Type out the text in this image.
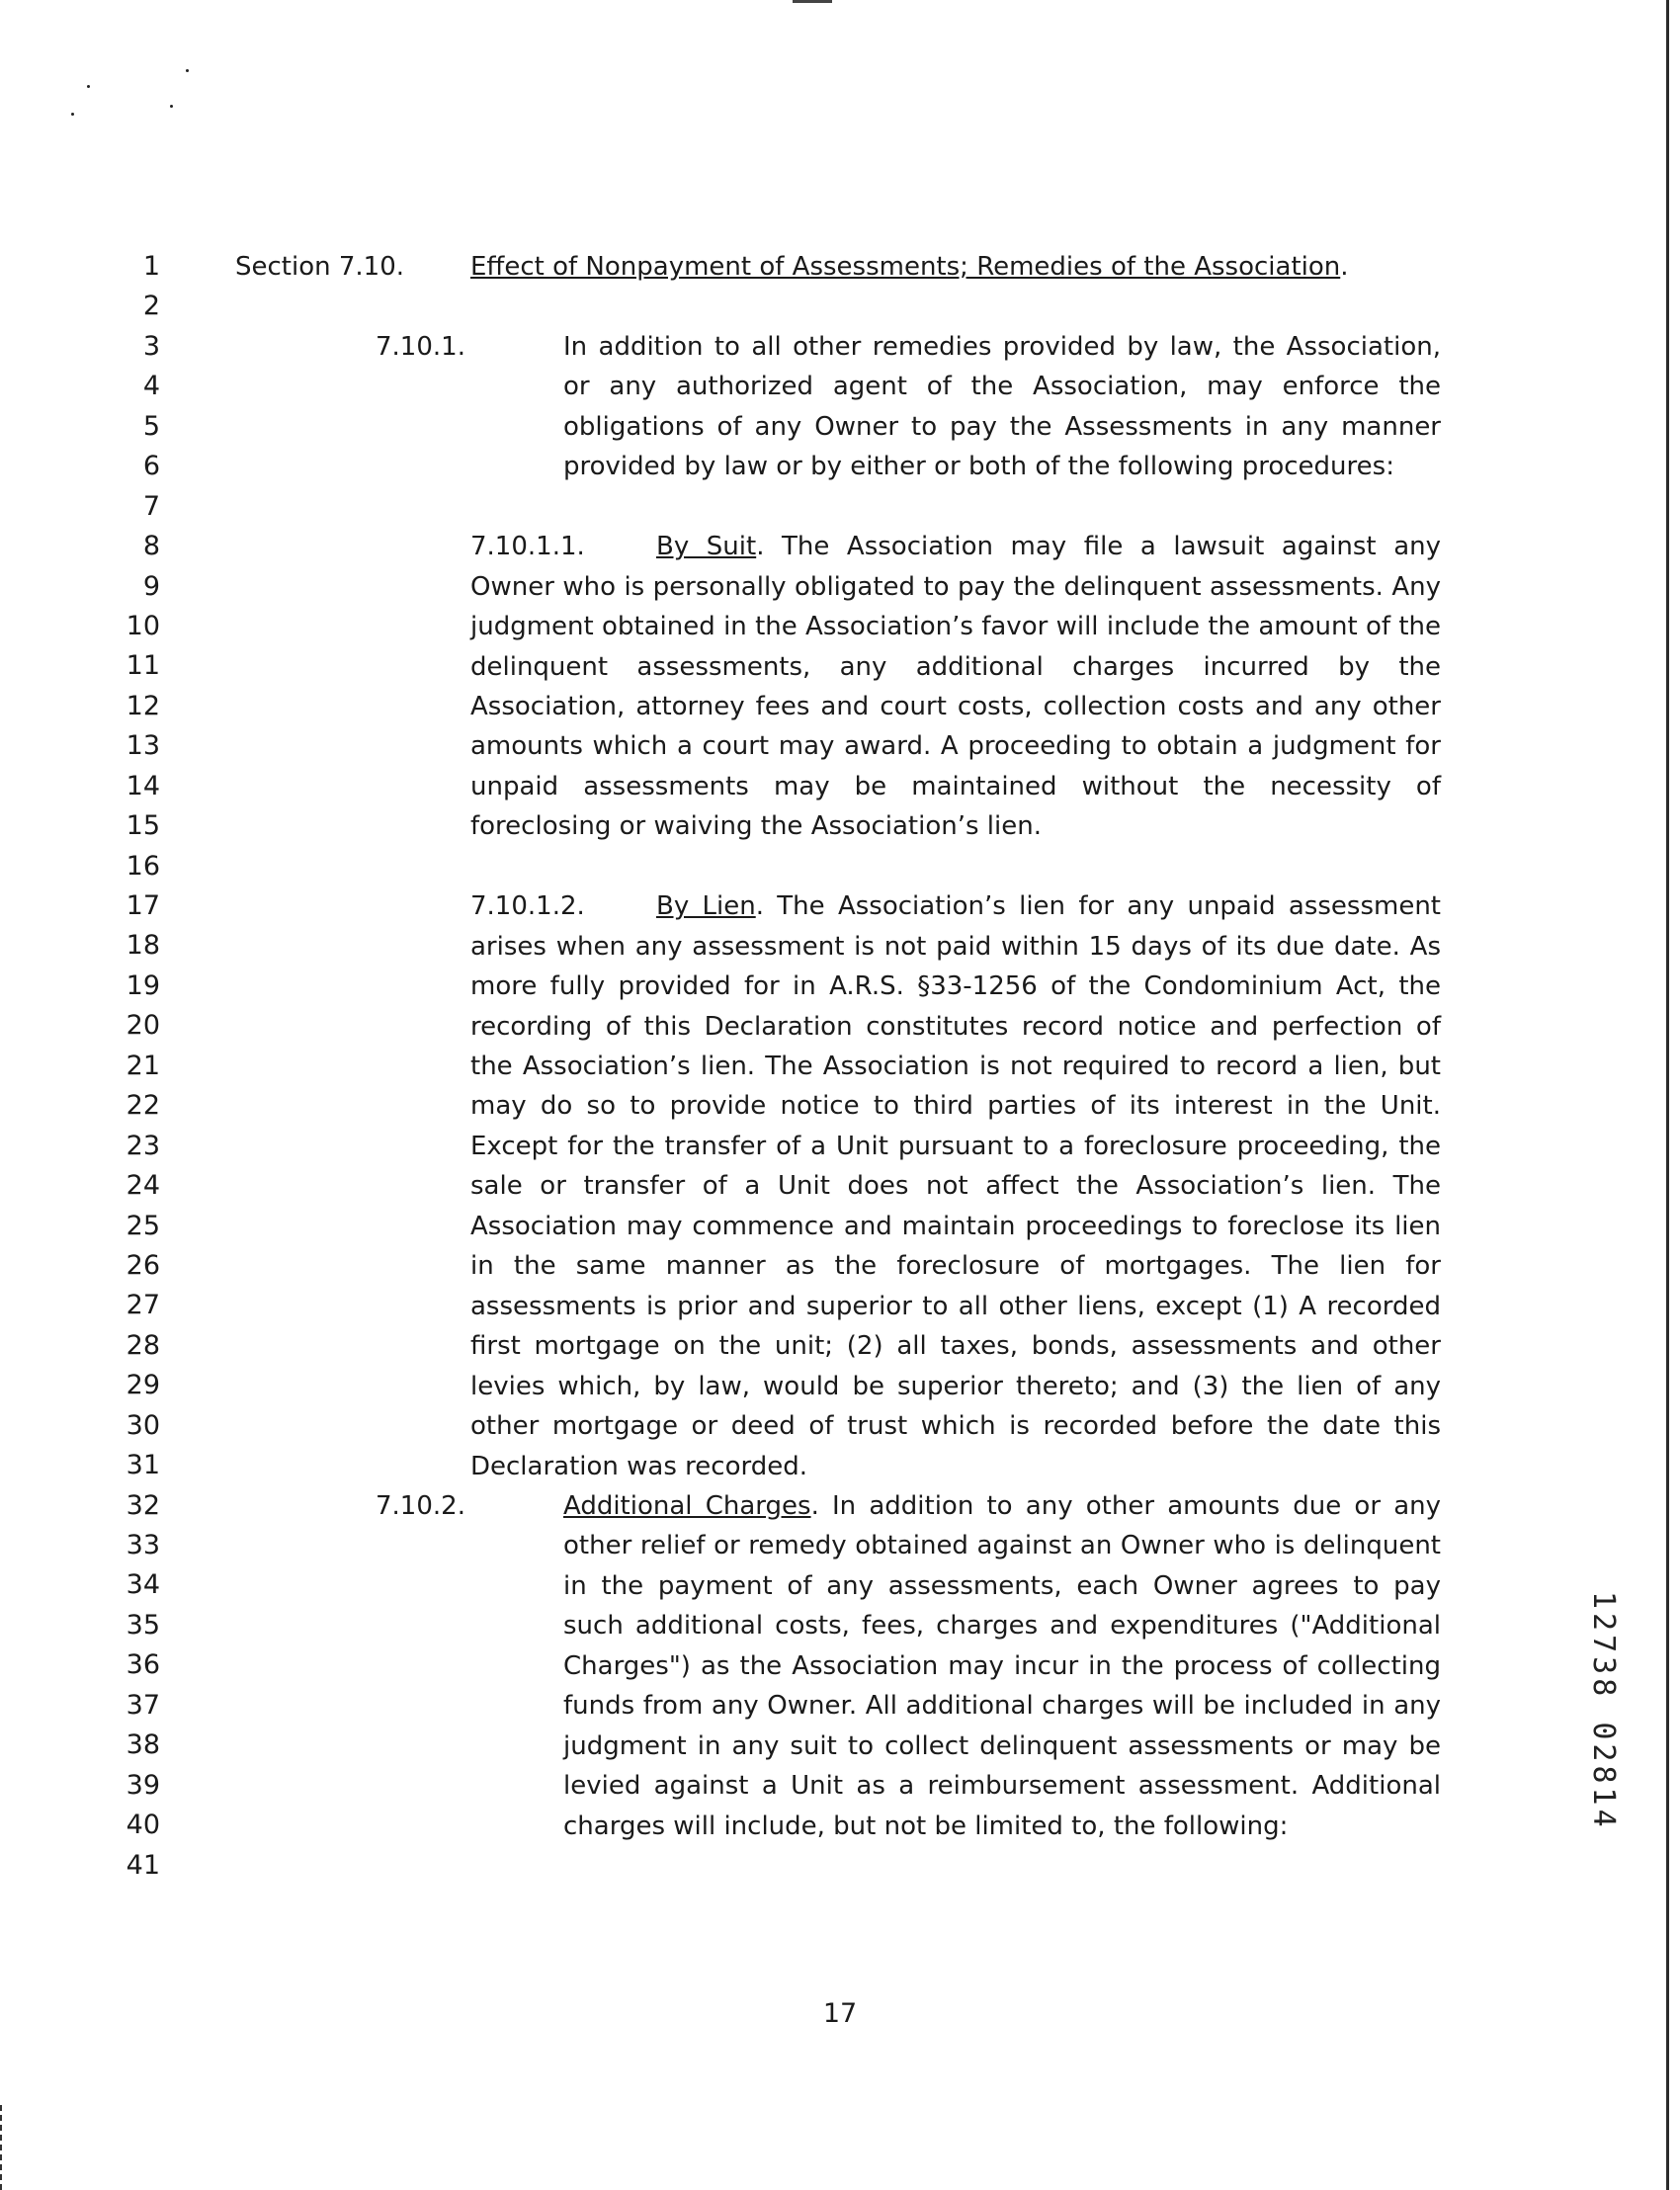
1
2
3
4
5
6
7
8
9
10
11
12
13
14
15
16
17
18
19
20
21
22
23
24
25
26
27
28
29
30
31
32
33
34
35
36
37
38
39
40
41
Section 7.10.	Effect of Nonpayment of Assessments; Remedies of the Association.
7.10.1.	In addition to all other remedies provided by law, the Association, or any authorized agent of the Association, may enforce the obligations of any Owner to pay the Assessments in any manner provided by law or by either or both of the following procedures:
7.10.1.1.	By Suit. The Association may file a lawsuit against any Owner who is personally obligated to pay the delinquent assessments. Any judgment obtained in the Association’s favor will include the amount of the delinquent assessments, any additional charges incurred by the Association, attorney fees and court costs, collection costs and any other amounts which a court may award. A proceeding to obtain a judgment for unpaid assessments may be maintained without the necessity of foreclosing or waiving the Association’s lien.
7.10.1.2.	By Lien. The Association’s lien for any unpaid assessment arises when any assessment is not paid within 15 days of its due date. As more fully provided for in A.R.S. §33-1256 of the Condominium Act, the recording of this Declaration constitutes record notice and perfection of the Association’s lien. The Association is not required to record a lien, but may do so to provide notice to third parties of its interest in the Unit. Except for the transfer of a Unit pursuant to a foreclosure proceeding, the sale or transfer of a Unit does not affect the Association’s lien. The Association may commence and maintain proceedings to foreclose its lien in the same manner as the foreclosure of mortgages. The lien for assessments is prior and superior to all other liens, except (1) A recorded first mortgage on the unit; (2) all taxes, bonds, assessments and other levies which, by law, would be superior thereto; and (3) the lien of any other mortgage or deed of trust which is recorded before the date this Declaration was recorded.
7.10.2.	Additional Charges. In addition to any other amounts due or any other relief or remedy obtained against an Owner who is delinquent in the payment of any assessments, each Owner agrees to pay such additional costs, fees, charges and expenditures ("Additional Charges") as the Association may incur in the process of collecting funds from any Owner. All additional charges will be included in any judgment in any suit to collect delinquent assessments or may be levied against a Unit as a reimbursement assessment. Additional charges will include, but not be limited to, the following:	12738 02814
17
